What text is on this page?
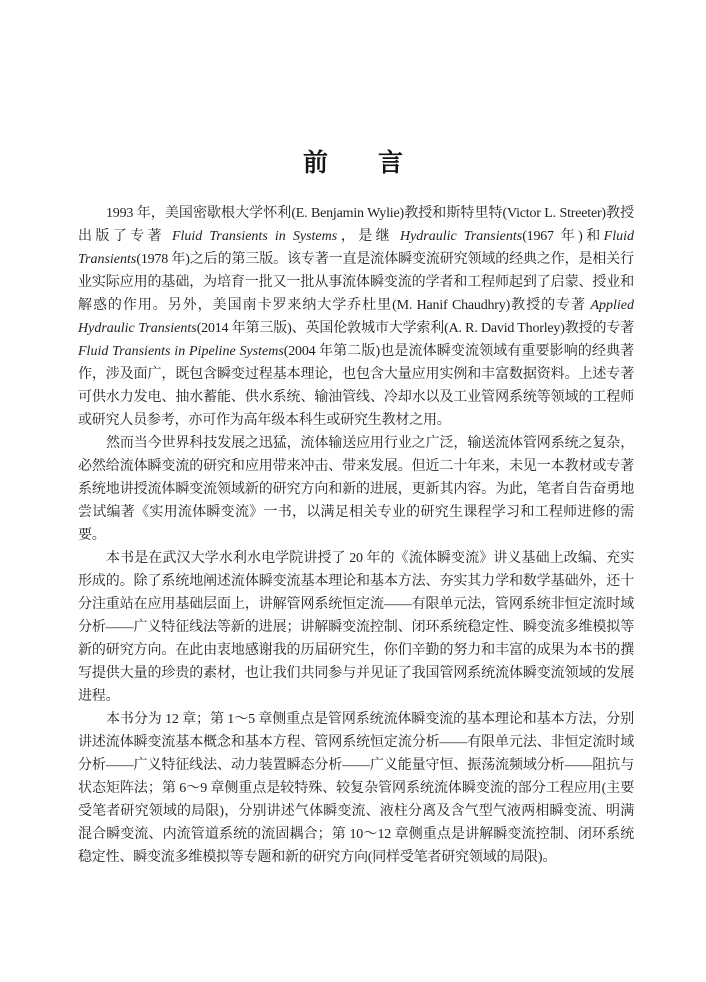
前　　言

1993 年，美国密歇根大学怀利(E. Benjamin Wylie)教授和斯特里特(Victor L. Streeter)教授出版了专著 Fluid Transients in Systems，是继 Hydraulic Transients(1967 年)和Fluid Transients(1978 年)之后的第三版。该专著一直是流体瞬变流研究领域的经典之作，是相关行业实际应用的基础，为培育一批又一批从事流体瞬变流的学者和工程师起到了启蒙、授业和解惑的作用。另外，美国南卡罗来纳大学乔杜里(M. Hanif Chaudhry)教授的专著 Applied Hydraulic Transients(2014 年第三版)、英国伦敦城市大学索利(A. R. David Thorley)教授的专著 Fluid Transients in Pipeline Systems(2004 年第二版)也是流体瞬变流领域有重要影响的经典著作，涉及面广，既包含瞬变过程基本理论，也包含大量应用实例和丰富数据资料。上述专著可供水力发电、抽水蓄能、供水系统、输油管线、冷却水以及工业管网系统等领域的工程师或研究人员参考，亦可作为高年级本科生或研究生教材之用。

然而当今世界科技发展之迅猛，流体输送应用行业之广泛，输送流体管网系统之复杂，必然给流体瞬变流的研究和应用带来冲击、带来发展。但近二十年来，未见一本教材或专著系统地讲授流体瞬变流领域新的研究方向和新的进展，更新其内容。为此，笔者自告奋勇地尝试编著《实用流体瞬变流》一书，以满足相关专业的研究生课程学习和工程师进修的需要。

本书是在武汉大学水利水电学院讲授了 20 年的《流体瞬变流》讲义基础上改编、充实形成的。除了系统地阐述流体瞬变流基本理论和基本方法、夯实其力学和数学基础外，还十分注重站在应用基础层面上，讲解管网系统恒定流——有限单元法，管网系统非恒定流时域分析——广义特征线法等新的进展；讲解瞬变流控制、闭环系统稳定性、瞬变流多维模拟等新的研究方向。在此由衷地感谢我的历届研究生，你们辛勤的努力和丰富的成果为本书的撰写提供大量的珍贵的素材，也让我们共同参与并见证了我国管网系统流体瞬变流领域的发展进程。

本书分为 12 章；第 1～5 章侧重点是管网系统流体瞬变流的基本理论和基本方法，分别讲述流体瞬变流基本概念和基本方程、管网系统恒定流分析——有限单元法、非恒定流时域分析——广义特征线法、动力装置瞬态分析——广义能量守恒、振荡流频域分析——阻抗与状态矩阵法；第 6～9 章侧重点是较特殊、较复杂管网系统流体瞬变流的部分工程应用(主要受笔者研究领域的局限)，分别讲述气体瞬变流、液柱分离及含气型气液两相瞬变流、明满混合瞬变流、内流管道系统的流固耦合；第 10～12 章侧重点是讲解瞬变流控制、闭环系统稳定性、瞬变流多维模拟等专题和新的研究方向(同样受笔者研究领域的局限)。
